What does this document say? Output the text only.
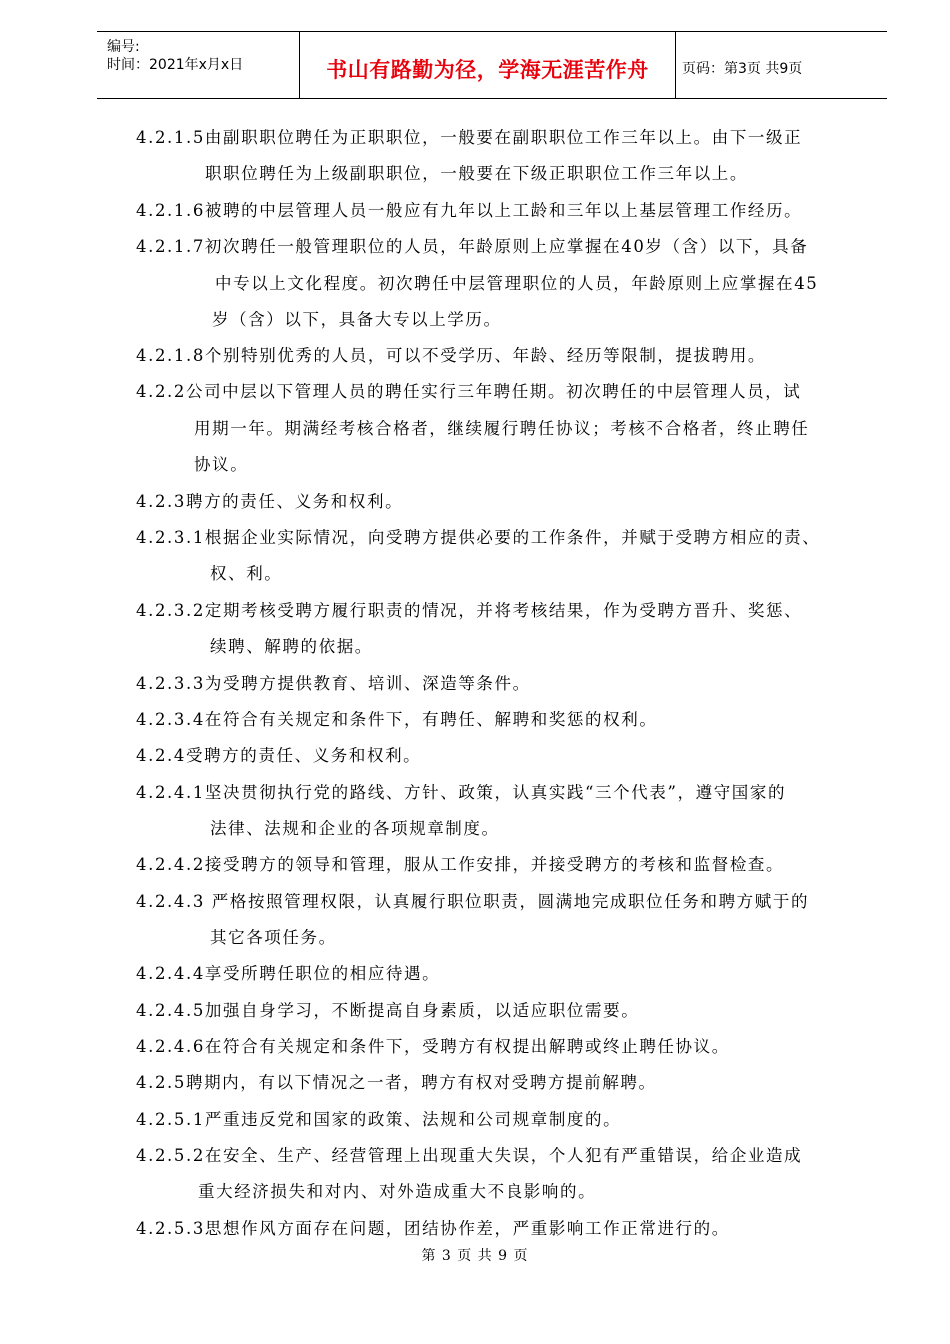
编号:
时间：2021年x月x日	书山有路勤为径，学海无涯苦作舟	页码：第3页 共9页
4.2.1.5由副职职位聘任为正职职位，一般要在副职职位工作三年以上。由下一级正
职职位聘任为上级副职职位，一般要在下级正职职位工作三年以上。
4.2.1.6被聘的中层管理人员一般应有九年以上工龄和三年以上基层管理工作经历。
4.2.1.7初次聘任一般管理职位的人员，年龄原则上应掌握在40岁（含）以下，具备
中专以上文化程度。初次聘任中层管理职位的人员，年龄原则上应掌握在45
岁（含）以下，具备大专以上学历。
4.2.1.8个别特别优秀的人员，可以不受学历、年龄、经历等限制，提拔聘用。
4.2.2公司中层以下管理人员的聘任实行三年聘任期。初次聘任的中层管理人员，试
用期一年。期满经考核合格者，继续履行聘任协议；考核不合格者，终止聘任
协议。
4.2.3聘方的责任、义务和权利。
4.2.3.1根据企业实际情况，向受聘方提供必要的工作条件，并赋于受聘方相应的责、
权、利。
4.2.3.2定期考核受聘方履行职责的情况，并将考核结果，作为受聘方晋升、奖惩、
续聘、解聘的依据。
4.2.3.3为受聘方提供教育、培训、深造等条件。
4.2.3.4在符合有关规定和条件下，有聘任、解聘和奖惩的权利。
4.2.4受聘方的责任、义务和权利。
4.2.4.1坚决贯彻执行党的路线、方针、政策，认真实践“三个代表”，遵守国家的
法律、法规和企业的各项规章制度。
4.2.4.2接受聘方的领导和管理，服从工作安排，并接受聘方的考核和监督检查。
4.2.4.3 严格按照管理权限，认真履行职位职责，圆满地完成职位任务和聘方赋于的
其它各项任务。
4.2.4.4享受所聘任职位的相应待遇。
4.2.4.5加强自身学习，不断提高自身素质，以适应职位需要。
4.2.4.6在符合有关规定和条件下，受聘方有权提出解聘或终止聘任协议。
4.2.5聘期内，有以下情况之一者，聘方有权对受聘方提前解聘。
4.2.5.1严重违反党和国家的政策、法规和公司规章制度的。
4.2.5.2在安全、生产、经营管理上出现重大失误，个人犯有严重错误，给企业造成
重大经济损失和对内、对外造成重大不良影响的。
4.2.5.3思想作风方面存在问题，团结协作差，严重影响工作正常进行的。
第 3 页 共 9 页
